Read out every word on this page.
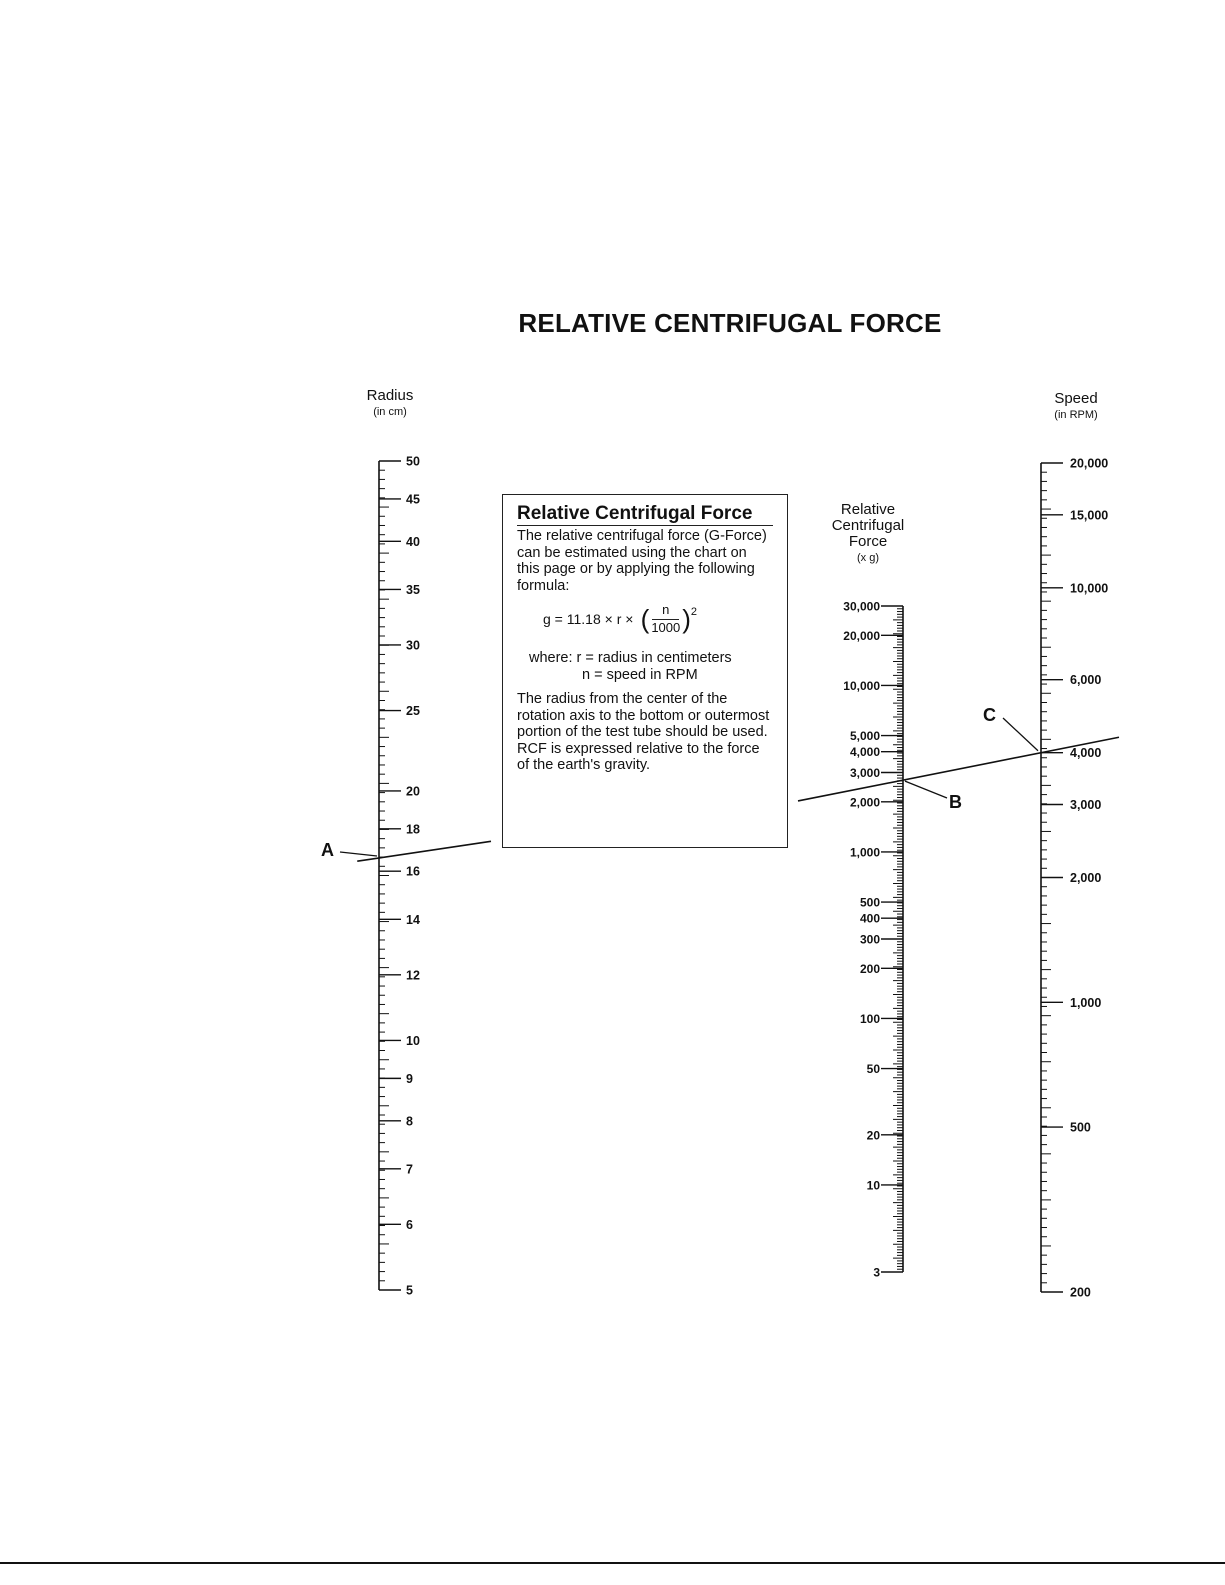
50
45
40
35
30
25
20
18
16
14
12
10
9
8
7
6
5
30,000
20,000
10,000
5,000
4,000
3,000
2,000
1,000
500
400
300
200
100
50
20
10
3
20,000
15,000
10,000
6,000
4,000
3,000
2,000
1,000
500
200
RELATIVE CENTRIFUGAL FORCE
Radius
(in cm)
Speed
(in RPM)
Relative
Centrifugal
Force
(x g)
Relative Centrifugal Force
The relative centrifugal force (G-Force) can be estimated using the chart on this page or by applying the following formula:
g = 11.18 × r × ( $\frac{n}{1000} )^2$
where: r = radius in centimeters
n = speed in RPM
The radius from the center of the rotation axis to the bottom or outermost portion of the test tube should be used. RCF is expressed relative to the force of the earth's gravity.
A
B
C
